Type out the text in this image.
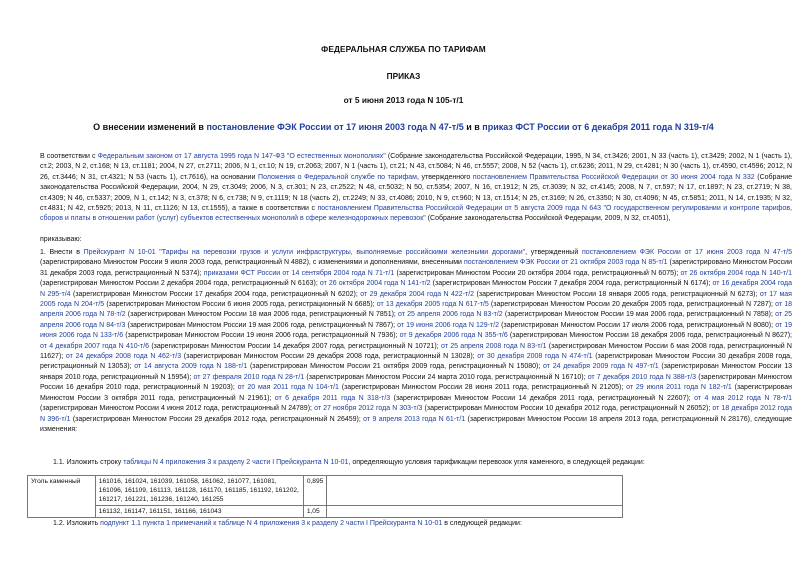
ФЕДЕРАЛЬНАЯ СЛУЖБА ПО ТАРИФАМ
ПРИКАЗ
от 5 июня 2013 года N 105-т/1
О внесении изменений в постановление ФЭК России от 17 июня 2003 года N 47-т/5 и в приказ ФСТ России от 6 декабря 2011 года N 319-т/4
В соответствии с Федеральным законом от 17 августа 1995 года N 147-ФЗ "О естественных монополиях" (Собрание законодательства Российской Федерации, 1995, N 34, ст.3426; 2001, N 33 (часть 1), ст.3429; 2002, N 1 (часть 1), ст.2; 2003, N 2, ст.168; N 13, ст.1181; 2004, N 27, ст.2711; 2006, N 1, ст.10; N 19, ст.2063; 2007, N 1 (часть 1), ст.21; N 43, ст.5084; N 46, ст.5557; 2008, N 52 (часть 1), ст.6236; 2011, N 29, ст.4281; N 30 (часть 1), ст.4590, ст.4596; 2012, N 26, ст.3446; N 31, ст.4321; N 53 (часть 1), ст.7616), на основании Положения о Федеральной службе по тарифам, утвержденного постановлением Правительства Российской Федерации от 30 июня 2004 года N 332 (Собрание законодательства Российской Федерации, 2004, N 29, ст.3049; 2006, N 3, ст.301; N 23, ст.2522; N 48, ст.5032; N 50, ст.5354; 2007, N 16, ст.1912; N 25, ст.3039; N 32, ст.4145; 2008, N 7, ст.597; N 17, ст.1897; N 23, ст.2719; N 38, ст.4309; N 46, ст.5337; 2009, N 1, ст.142; N 3, ст.378; N 6, ст.738; N 9, ст.1119; N 18 (часть 2), ст.2249; N 33, ст.4086; 2010, N 9, ст.960; N 13, ст.1514; N 25, ст.3169; N 26, ст.3350; N 30, ст.4096; N 45, ст.5851; 2011, N 14, ст.1935; N 32, ст.4831; N 42, ст.5925; 2013, N 11, ст.1126; N 13, ст.1555), а также в соответствии с постановлением Правительства Российской Федерации от 5 августа 2009 года N 643 "О государственном регулировании и контроле тарифов, сборов и платы в отношении работ (услуг) субъектов естественных монополий в сфере железнодорожных перевозок" (Собрание законодательства Российской Федерации, 2009, N 32, ст.4051),
приказываю:
1. Внести в Прейскурант N 10-01 "Тарифы на перевозки грузов и услуги инфраструктуры, выполняемые российскими железными дорогами", утвержденный постановлением ФЭК России от 17 июня 2003 года N 47-т/5 (зарегистрировано Минюстом России 9 июля 2003 года, регистрационный N 4882), с изменениями и дополнениями, внесенными постановлением ФЭК России от 21 октября 2003 года N 85-т/1 (зарегистрировано Минюстом России 31 декабря 2003 года, регистрационный N 5374); приказами ФСТ России от 14 сентября 2004 года N 71-т/1 (зарегистрирован Минюстом России 20 октября 2004 года, регистрационный N 6075); от 26 октября 2004 года N 140-т/1 (зарегистрирован Минюстом России 2 декабря 2004 года, регистрационный N 6163); от 26 октября 2004 года N 141-т/2 (зарегистрирован Минюстом России 7 декабря 2004 года, регистрационный N 6174); от 16 декабря 2004 года N 295-т/4 (зарегистрирован Минюстом России 17 декабря 2004 года, регистрационный N 6202); от 29 декабря 2004 года N 422-т/2 (зарегистрирован Минюстом России 18 января 2005 года, регистрационный N 6273); от 17 мая 2005 года N 204-т/5 (зарегистрирован Минюстом России 6 июня 2005 года, регистрационный N 6685); от 13 декабря 2005 года N 617-т/5 (зарегистрирован Минюстом России 20 декабря 2005 года, регистрационный N 7287); от 18 апреля 2006 года N 78-т/2 (зарегистрирован Минюстом России 18 мая 2006 года, регистрационный N 7851); от 25 апреля 2006 года N 83-т/2 (зарегистрирован Минюстом России 19 мая 2006 года, регистрационный N 7858); от 25 апреля 2006 года N 84-т/3 (зарегистрирован Минюстом России 19 мая 2006 года, регистрационный N 7867); от 19 июня 2006 года N 129-т/2 (зарегистрирован Минюстом России 17 июля 2006 года, регистрационный N 8080); от 19 июня 2006 года N 133-т/6 (зарегистрирован Минюстом России 19 июня 2006 года, регистрационный N 7936); от 9 декабря 2006 года N 355-т/6 (зарегистрирован Минюстом России 18 декабря 2006 года, регистрационный N 8627); от 4 декабря 2007 года N 410-т/6 (зарегистрирован Минюстом России 14 декабря 2007 года, регистрационный N 10721); от 25 апреля 2008 года N 83-т/1 (зарегистрирован Минюстом России 6 мая 2008 года, регистрационный N 11627); от 24 декабря 2008 года N 462-т/3 (зарегистрирован Минюстом России 29 декабря 2008 года, регистрационный N 13028); от 30 декабря 2008 года N 474-т/1 (зарегистрирован Минюстом России 30 декабря 2008 года, регистрационный N 13053); от 14 августа 2009 года N 188-т/1 (зарегистрирован Минюстом России 21 октября 2009 года, регистрационный N 15080); от 24 декабря 2009 года N 497-т/1 (зарегистрирован Минюстом России 13 января 2010 года, регистрационный N 15954); от 27 февраля 2010 года N 28-т/1 (зарегистрирован Минюстом России 24 марта 2010 года, регистрационный N 16710); от 7 декабря 2010 года N 388-т/3 (зарегистрирован Минюстом России 16 декабря 2010 года, регистрационный N 19203); от 20 мая 2011 года N 104-т/1 (зарегистрирован Минюстом России 28 июня 2011 года, регистрационный N 21205); от 29 июля 2011 года N 182-т/1 (зарегистрирован Минюстом России 3 октября 2011 года, регистрационный N 21961); от 6 декабря 2011 года N 318-т/3 (зарегистрирован Минюстом России 14 декабря 2011 года, регистрационный N 22607); от 4 мая 2012 года N 78-т/1 (зарегистрирован Минюстом России 4 июня 2012 года, регистрационный N 24789); от 27 ноября 2012 года N 303-т/3 (зарегистрирован Минюстом России 10 декабря 2012 года, регистрационный N 26052); от 18 декабря 2012 года N 396-т/1 (зарегистрирован Минюстом России 29 декабря 2012 года, регистрационный N 26459); от 9 апреля 2013 года N 61-т/1 (зарегистрирован Минюстом России 18 апреля 2013 года, регистрационный N 28176), следующие изменения:
1.1. Изложить строку таблицы N 4 приложения 3 к разделу 2 части I Прейскуранта N 10-01, определяющую условия тарификации перевозок угля каменного, в следующей редакции:
Уголь каменный	161016, 161024, 161039, 161058, 161062, 161077, 161081, 161096, 161109, 161113, 161128, 161170, 161185, 161192, 161202, 161217, 161221, 161236, 161240, 161255	0,895	
	161132, 161147, 161151, 161166, 161043	1,05	
1.2. Изложить подпункт 1.1 пункта 1 примечаний к таблице N 4 приложения 3 к разделу 2 части I Прейскуранта N 10-01 в следующей редакции:
